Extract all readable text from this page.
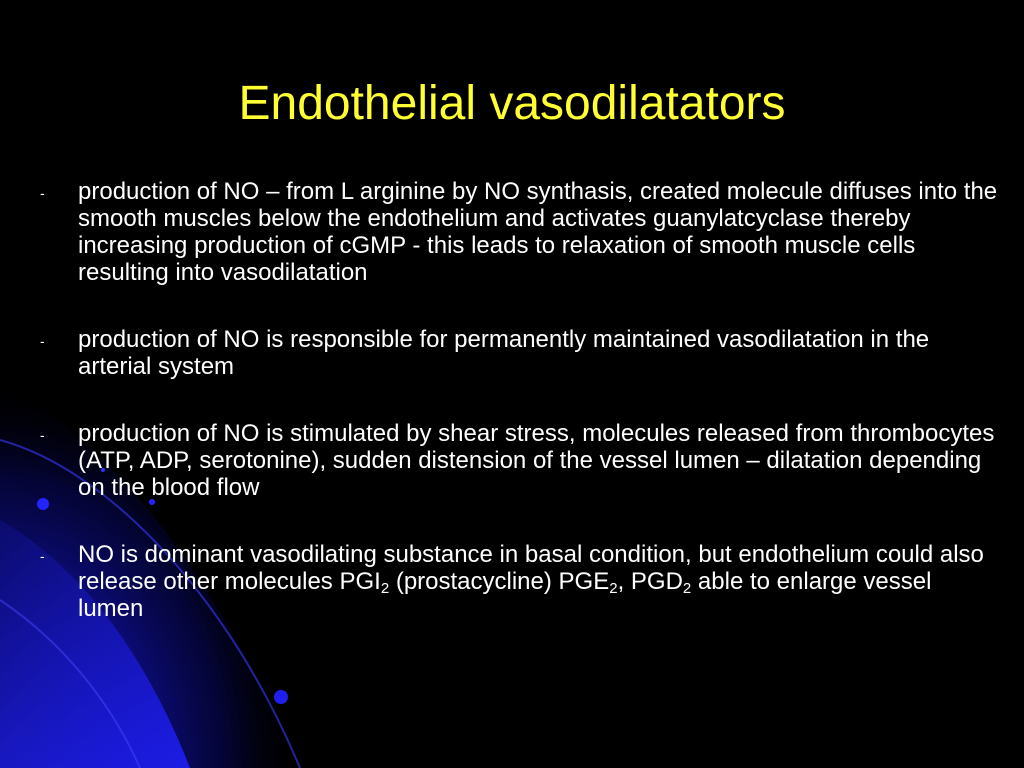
Endothelial vasodilatators
- production of NO – from L arginine by NO synthasis, created molecule diffuses into the smooth muscles below the endothelium and activates guanylatcyclase thereby increasing production of cGMP - this leads to relaxation of smooth muscle cells resulting into vasodilatation
- production of NO is responsible for permanently maintained vasodilatation in the arterial system
- production of NO is stimulated by shear stress, molecules released from thrombocytes (ATP, ADP, serotonine), sudden distension of the vessel lumen – dilatation depending on the blood flow
- NO is dominant vasodilating substance in basal condition, but endothelium could also release other molecules $PGI_2$ (prostacycline) $PGE_2$, $PGD_2$ able to enlarge vessel lumen
